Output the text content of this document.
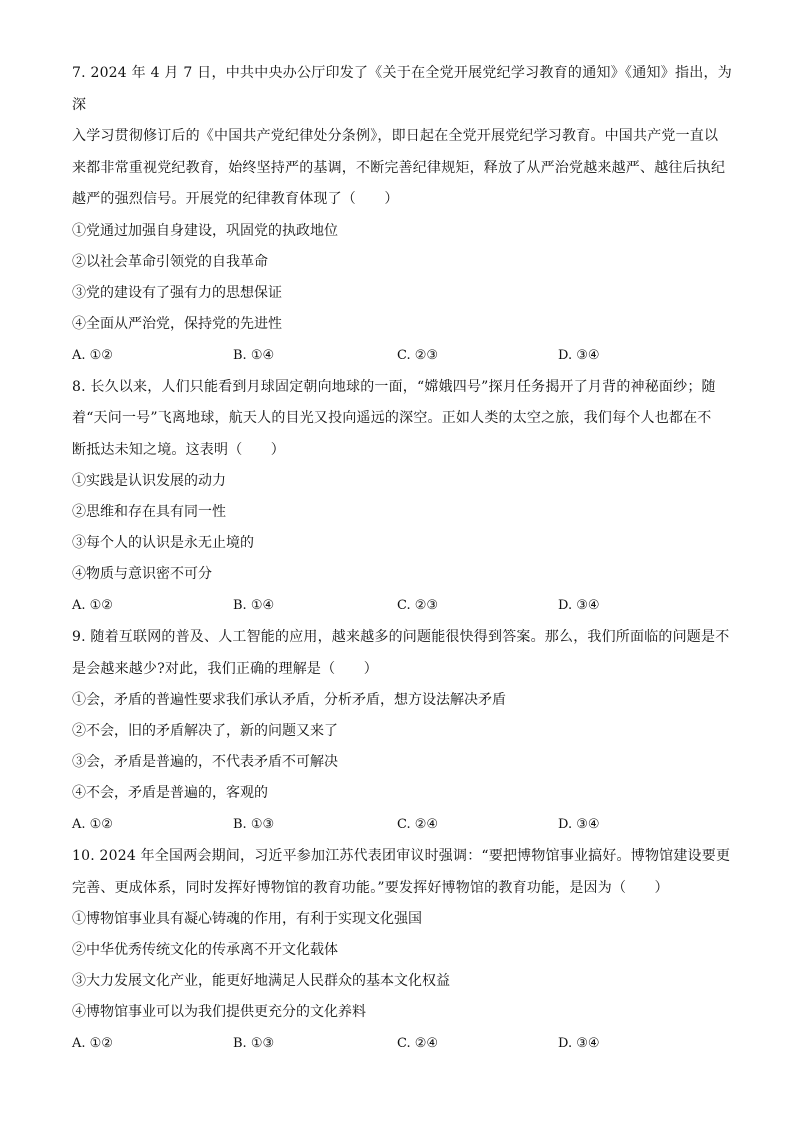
7. 2024 年 4 月 7 日，中共中央办公厅印发了《关于在全党开展党纪学习教育的通知》《通知》指出，为深
入学习贯彻修订后的《中国共产党纪律处分条例》，即日起在全党开展党纪学习教育。中国共产党一直以
来都非常重视党纪教育，始终坚持严的基调，不断完善纪律规矩，释放了从严治党越来越严、越往后执纪
越严的强烈信号。开展党的纪律教育体现了（　　）

①党通过加强自身建设，巩固党的执政地位

②以社会革命引领党的自我革命

③党的建设有了强有力的思想保证

④全面从严治党，保持党的先进性

A. ①②	B. ①④	C. ②③	D. ③④

8. 长久以来，人们只能看到月球固定朝向地球的一面，“嫦娥四号”探月任务揭开了月背的神秘面纱；随
着“天问一号”飞离地球，航天人的目光又投向遥远的深空。正如人类的太空之旅，我们每个人也都在不
断抵达未知之境。这表明（　　）

①实践是认识发展的动力

②思维和存在具有同一性

③每个人的认识是永无止境的

④物质与意识密不可分

A. ①②	B. ①④	C. ②③	D. ③④

9. 随着互联网的普及、人工智能的应用，越来越多的问题能很快得到答案。那么，我们所面临的问题是不
是会越来越少?对此，我们正确的理解是（　　）

①会，矛盾的普遍性要求我们承认矛盾，分析矛盾，想方设法解决矛盾

②不会，旧的矛盾解决了，新的问题又来了

③会，矛盾是普遍的，不代表矛盾不可解决

④不会，矛盾是普遍的，客观的

A. ①②	B. ①③	C. ②④	D. ③④

10. 2024 年全国两会期间，习近平参加江苏代表团审议时强调：“要把博物馆事业搞好。博物馆建设要更
完善、更成体系，同时发挥好博物馆的教育功能。”要发挥好博物馆的教育功能，是因为（　　）

①博物馆事业具有凝心铸魂的作用，有利于实现文化强国

②中华优秀传统文化的传承离不开文化载体

③大力发展文化产业，能更好地满足人民群众的基本文化权益

④博物馆事业可以为我们提供更充分的文化养料

A. ①②	B. ①③	C. ②④	D. ③④
